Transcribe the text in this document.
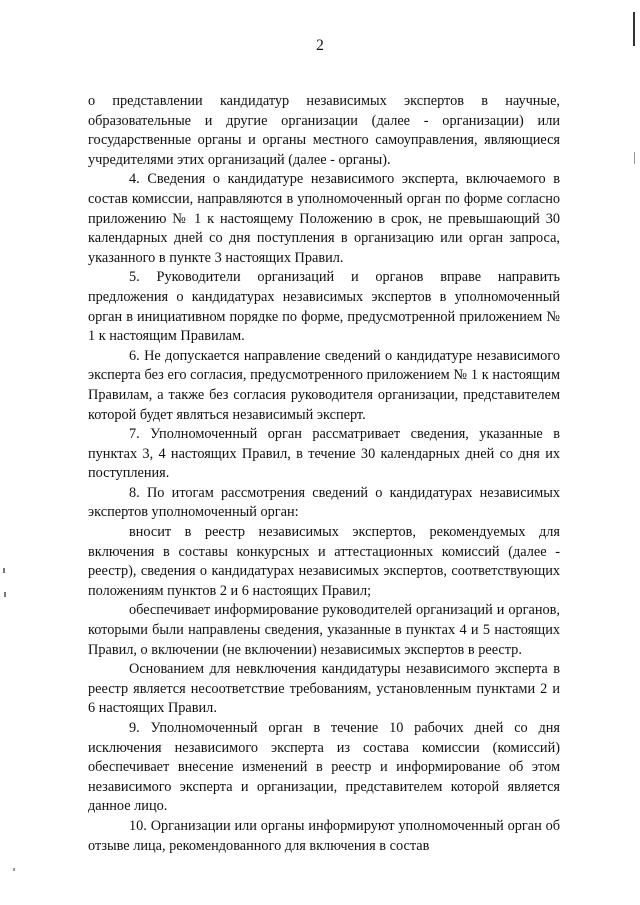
2

о представлении кандидатур независимых экспертов в научные, образовательные и другие организации (далее - организации) или государственные органы и органы местного самоуправления, являющиеся учредителями этих организаций (далее - органы).

4. Сведения о кандидатуре независимого эксперта, включаемого в состав комиссии, направляются в уполномоченный орган по форме согласно приложению № 1 к настоящему Положению в срок, не превышающий 30 календарных дней со дня поступления в организацию или орган запроса, указанного в пункте 3 настоящих Правил.

5. Руководители организаций и органов вправе направить предложения о кандидатурах независимых экспертов в уполномоченный орган в инициативном порядке по форме, предусмотренной приложением № 1 к настоящим Правилам.

6. Не допускается направление сведений о кандидатуре независимого эксперта без его согласия, предусмотренного приложением № 1 к настоящим Правилам, а также без согласия руководителя организации, представителем которой будет являться независимый эксперт.

7. Уполномоченный орган рассматривает сведения, указанные в пунктах 3, 4 настоящих Правил, в течение 30 календарных дней со дня их поступления.

8. По итогам рассмотрения сведений о кандидатурах независимых экспертов уполномоченный орган:

вносит в реестр независимых экспертов, рекомендуемых для включения в составы конкурсных и аттестационных комиссий (далее - реестр), сведения о кандидатурах независимых экспертов, соответствующих положениям пунктов 2 и 6 настоящих Правил;

обеспечивает информирование руководителей организаций и органов, которыми были направлены сведения, указанные в пунктах 4 и 5 настоящих Правил, о включении (не включении) независимых экспертов в реестр.

Основанием для невключения кандидатуры независимого эксперта в реестр является несоответствие требованиям, установленным пунктами 2 и 6 настоящих Правил.

9. Уполномоченный орган в течение 10 рабочих дней со дня исключения независимого эксперта из состава комиссии (комиссий) обеспечивает внесение изменений в реестр и информирование об этом независимого эксперта и организации, представителем которой является данное лицо.

10. Организации или органы информируют уполномоченный орган об отзыве лица, рекомендованного для включения в состав
